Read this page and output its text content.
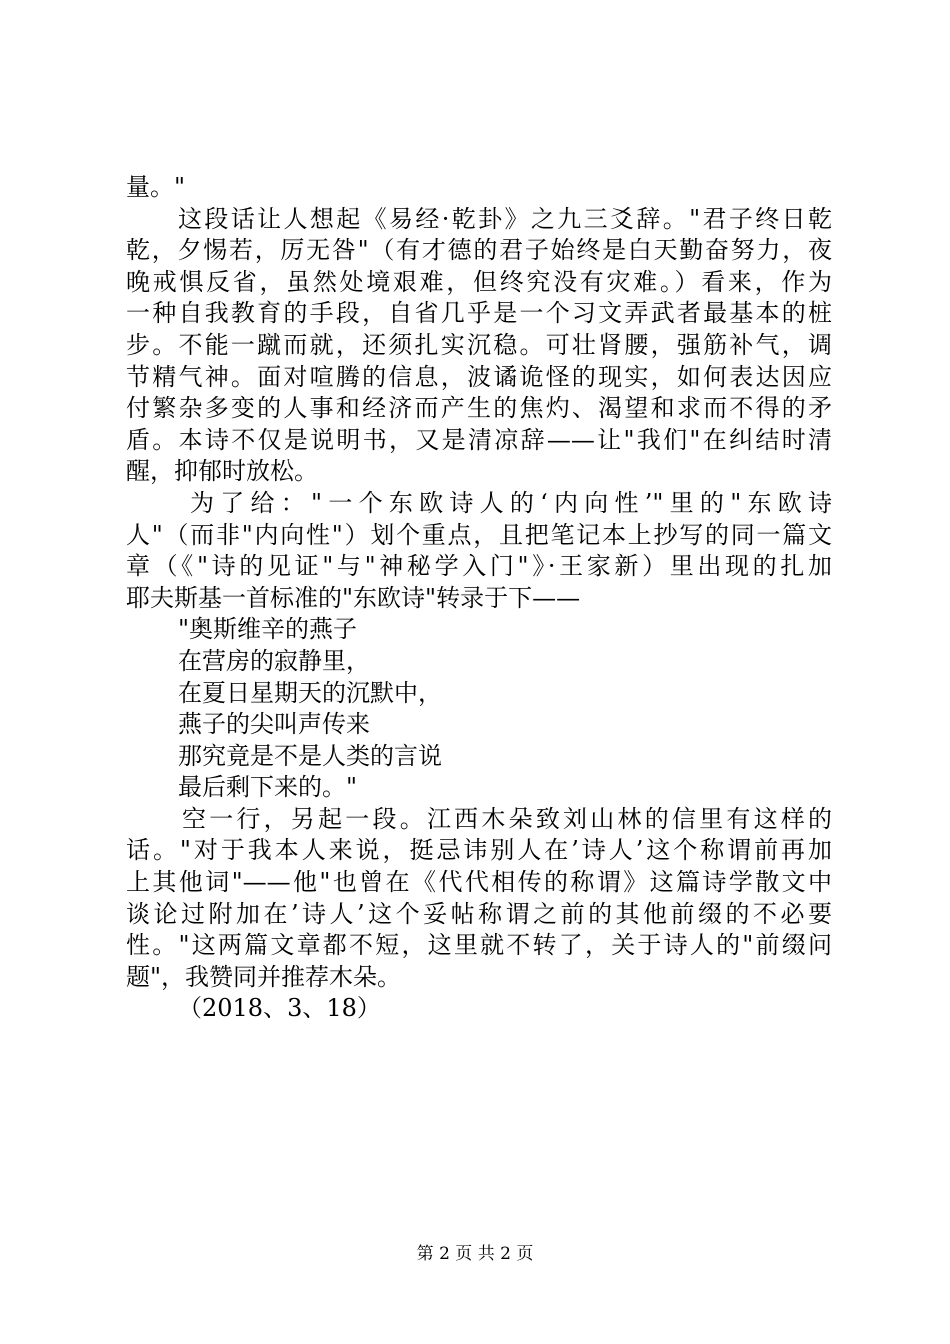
量。"
这段话让人想起《易经·乾卦》之九三爻辞。"君子终日乾
乾，夕惕若，厉无咎"（有才德的君子始终是白天勤奋努力，夜
晚戒惧反省，虽然处境艰难，但终究没有灾难。）看来，作为
一种自我教育的手段，自省几乎是一个习文弄武者最基本的桩
步。不能一蹴而就，还须扎实沉稳。可壮肾腰，强筋补气，调
节精气神。面对喧腾的信息，波谲诡怪的现实，如何表达因应
付繁杂多变的人事和经济而产生的焦灼、渴望和求而不得的矛
盾。本诗不仅是说明书，又是清凉辞——让"我们"在纠结时清
醒，抑郁时放松。
为了给："一个东欧诗人的‘内向性’"里的"东欧诗
人"（而非"内向性"）划个重点，且把笔记本上抄写的同一篇文
章（《"诗的见证"与"神秘学入门"》·王家新）里出现的扎加
耶夫斯基一首标准的"东欧诗"转录于下——
"奥斯维辛的燕子
在营房的寂静里，
在夏日星期天的沉默中，
燕子的尖叫声传来
那究竟是不是人类的言说
最后剩下来的。"
空一行，另起一段。江西木朵致刘山林的信里有这样的
话。"对于我本人来说，挺忌讳别人在’诗人’这个称谓前再加
上其他词"——他"也曾在《代代相传的称谓》这篇诗学散文中
谈论过附加在’诗人’这个妥帖称谓之前的其他前缀的不必要
性。"这两篇文章都不短，这里就不转了，关于诗人的"前缀问
题"，我赞同并推荐木朵。
（2018、3、18）
第 2 页 共 2 页
